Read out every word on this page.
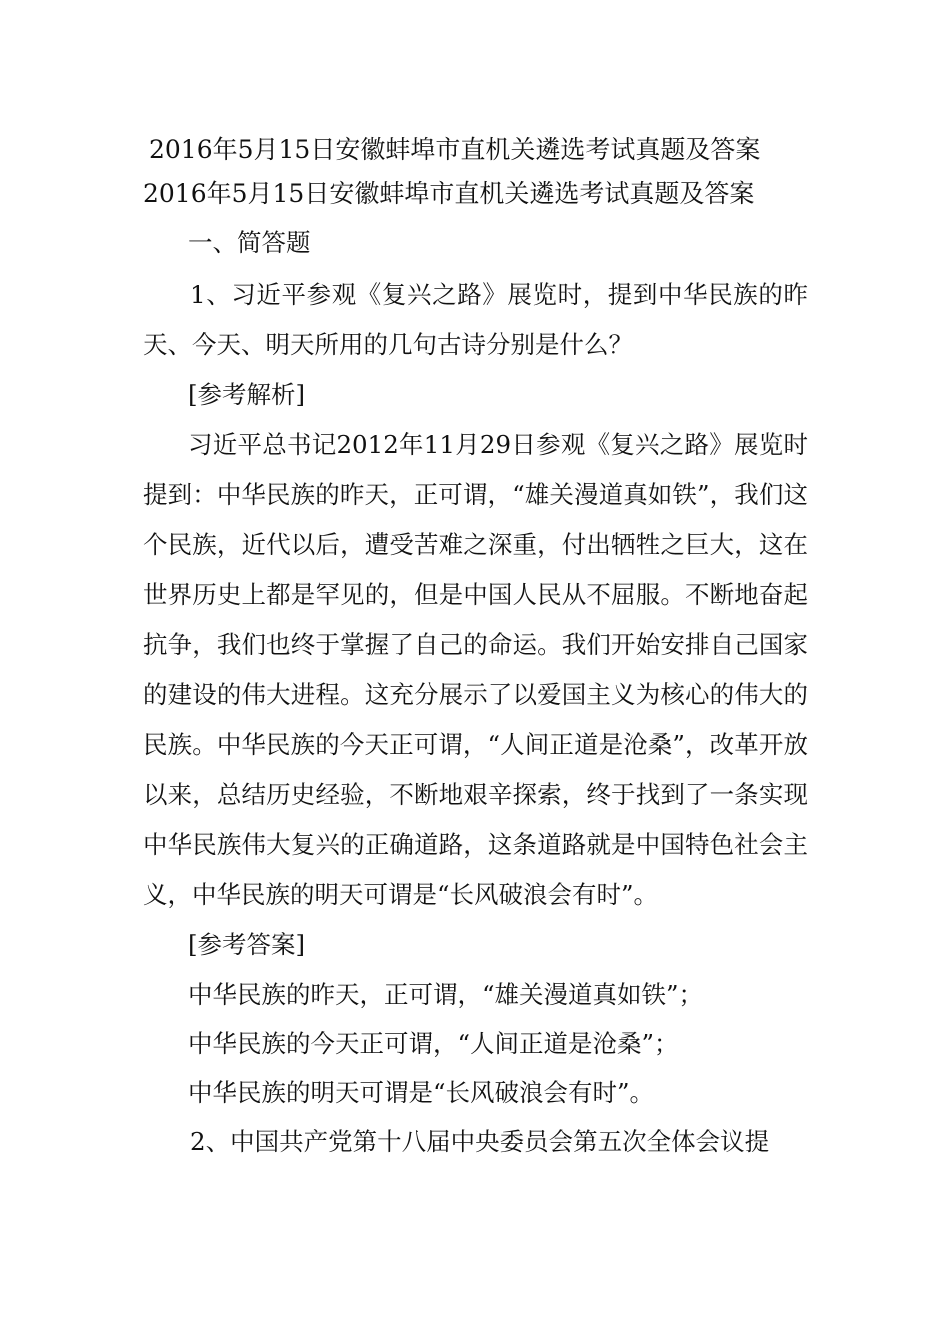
2016年5月15日安徽蚌埠市直机关遴选考试真题及答案
2016年5月15日安徽蚌埠市直机关遴选考试真题及答案

一、简答题

1、习近平参观《复兴之路》展览时，提到中华民族的昨天、今天、明天所用的几句古诗分别是什么？

[参考解析]

习近平总书记2012年11月29日参观《复兴之路》展览时提到：中华民族的昨天，正可谓，“雄关漫道真如铁”，我们这个民族，近代以后，遭受苦难之深重，付出牺牲之巨大，这在世界历史上都是罕见的，但是中国人民从不屈服。不断地奋起抗争，我们也终于掌握了自己的命运。我们开始安排自己国家的建设的伟大进程。这充分展示了以爱国主义为核心的伟大的民族。中华民族的今天正可谓，“人间正道是沧桑”，改革开放以来，总结历史经验，不断地艰辛探索，终于找到了一条实现中华民族伟大复兴的正确道路，这条道路就是中国特色社会主义，中华民族的明天可谓是“长风破浪会有时”。

[参考答案]

中华民族的昨天，正可谓，“雄关漫道真如铁”；

中华民族的今天正可谓，“人间正道是沧桑”；

中华民族的明天可谓是“长风破浪会有时”。

2、中国共产党第十八届中央委员会第五次全体会议提
